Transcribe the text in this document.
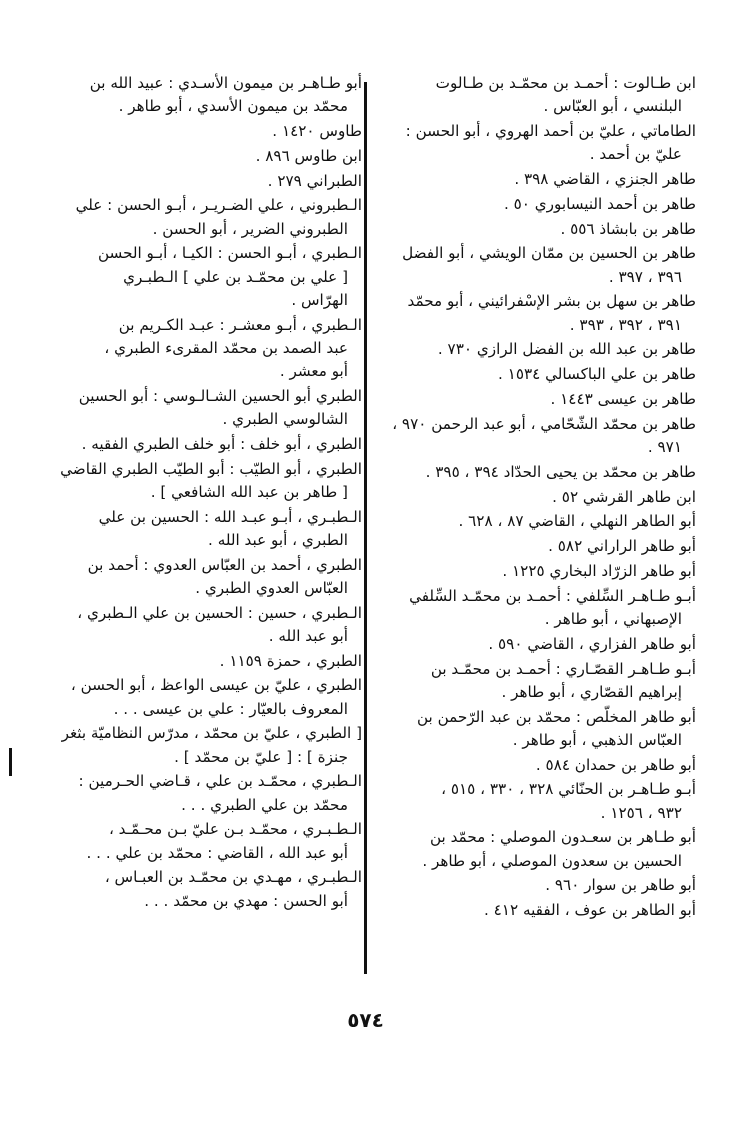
ابن طـالوت : أحمـد بن محمّـد بن طـالوت

البلنسي ، أبو العبّاس .
الطاماتي ، عليّ بن أحمد الهروي ، أبو الحسن :

عليّ بن أحمد .
طاهر الجنزي ، القاضي ٣٩٨ .
طاهر بن أحمد النيسابوري ٥٠ .
طاهر بن بابشاذ ٥٥٦ .
طاهر بن الحسين بن ممّان الويشي ، أبو الفضل

٣٩٦ ، ٣٩٧ .
طاهر بن سهل بن بشر الإسْفرائيني ، أبو محمّد

٣٩١ ، ٣٩٢ ، ٣٩٣ .
طاهر بن عبد الله بن الفضل الرازي ٧٣٠ .
طاهر بن علي الباكسالي ١٥٣٤ .
طاهر بن عيسى ١٤٤٣ .
طاهر بن محمّد الشّحّامي ، أبو عبد الرحمن ٩٧٠ ،

٩٧١ .
طاهر بن محمّد بن يحيى الحدّاد ٣٩٤ ، ٣٩٥ .
ابن طاهر القرشي ٥٢ .
أبو الطاهر النهلي ، القاضي ٨٧ ، ٦٢٨ .
أبو طاهر الراراني ٥٨٢ .
أبو طاهر الزرّاد البخاري ١٢٢٥ .
أبـو طـاهـر السِّلفي : أحمـد بن محمّـد السِّلفي

الإصبهاني ، أبو طاهر .
أبو طاهر الفزاري ، القاضي ٥٩٠ .
أبـو طـاهـر القصّـاري : أحمـد بن محمّـد بن

إبراهيم القصّاري ، أبو طاهر .
أبو طاهر المخلّص : محمّد بن عبد الرّحمن بن

العبّاس الذهبي ، أبو طاهر .
أبو طاهر بن حمدان ٥٨٤ .
أبـو طـاهـر بن الحنّائي ٣٢٨ ، ٣٣٠ ، ٥١٥ ،

٩٣٢ ، ١٢٥٦ .
أبو طـاهر بن سعـدون الموصلي : محمّد بن

الحسين بن سعدون الموصلي ، أبو طاهر .
أبو طاهر بن سوار ٩٦٠ .
أبو الطاهر بن عوف ، الفقيه ٤١٢ .
أبو طـاهـر بن ميمون الأسـدي : عبيد الله بن

محمّد بن ميمون الأسدي ، أبو طاهر .
طاوس ١٤٢٠ .
ابن طاوس ٨٩٦ .
الطبراني ٢٧٩ .
الـطبروني ، علي الضـريـر ، أبـو الحسن : علي

الطبروني الضرير ، أبو الحسن .
الـطبري ، أبـو الحسن : الكيـا ، أبـو الحسن

[ علي بن محمّـد بن علي ] الـطبـري
الهرّاس .
الـطبري ، أبـو معشـر : عبـد الكـريم بن

عبد الصمد بن محمّد المقرىء الطبري ،
أبو معشر .
الطبري أبو الحسين الشـالـوسي : أبو الحسين

الشالوسي الطبري .
الطبري ، أبو خلف : أبو خلف الطبري الفقيه .
الطبري ، أبو الطيّب : أبو الطيّب الطبري القاضي

[ طاهر بن عبد الله الشافعي ] .
الـطبـري ، أبـو عبـد الله : الحسين بن علي

الطبري ، أبو عبد الله .
الطبري ، أحمد بن العبّاس العدوي : أحمد بن

العبّاس العدوي الطبري .
الـطبري ، حسين : الحسين بن علي الـطبري ،

أبو عبد الله .
الطبري ، حمزة ١١٥٩ .
الطبري ، عليّ بن عيسى الواعظ ، أبو الحسن ،

المعروف بالعيّار : علي بن عيسى . . .
[ الطبري ، عليّ بن محمّد ، مدرّس النظاميّة بثغر

جنزة ] : [ عليّ بن محمّد ] .
الـطبري ، محمّـد بن علي ، قـاضي الحـرمين :

محمّد بن علي الطبري . . .
الـطـبـري ، محمّـد بـن عليّ بـن محـمّـد ،

أبو عبد الله ، القاضي : محمّد بن علي . . .
الـطبـري ، مهـدي بن محمّـد بن العبـاس ،

أبو الحسن : مهدي بن محمّد . . .
٥٧٤
